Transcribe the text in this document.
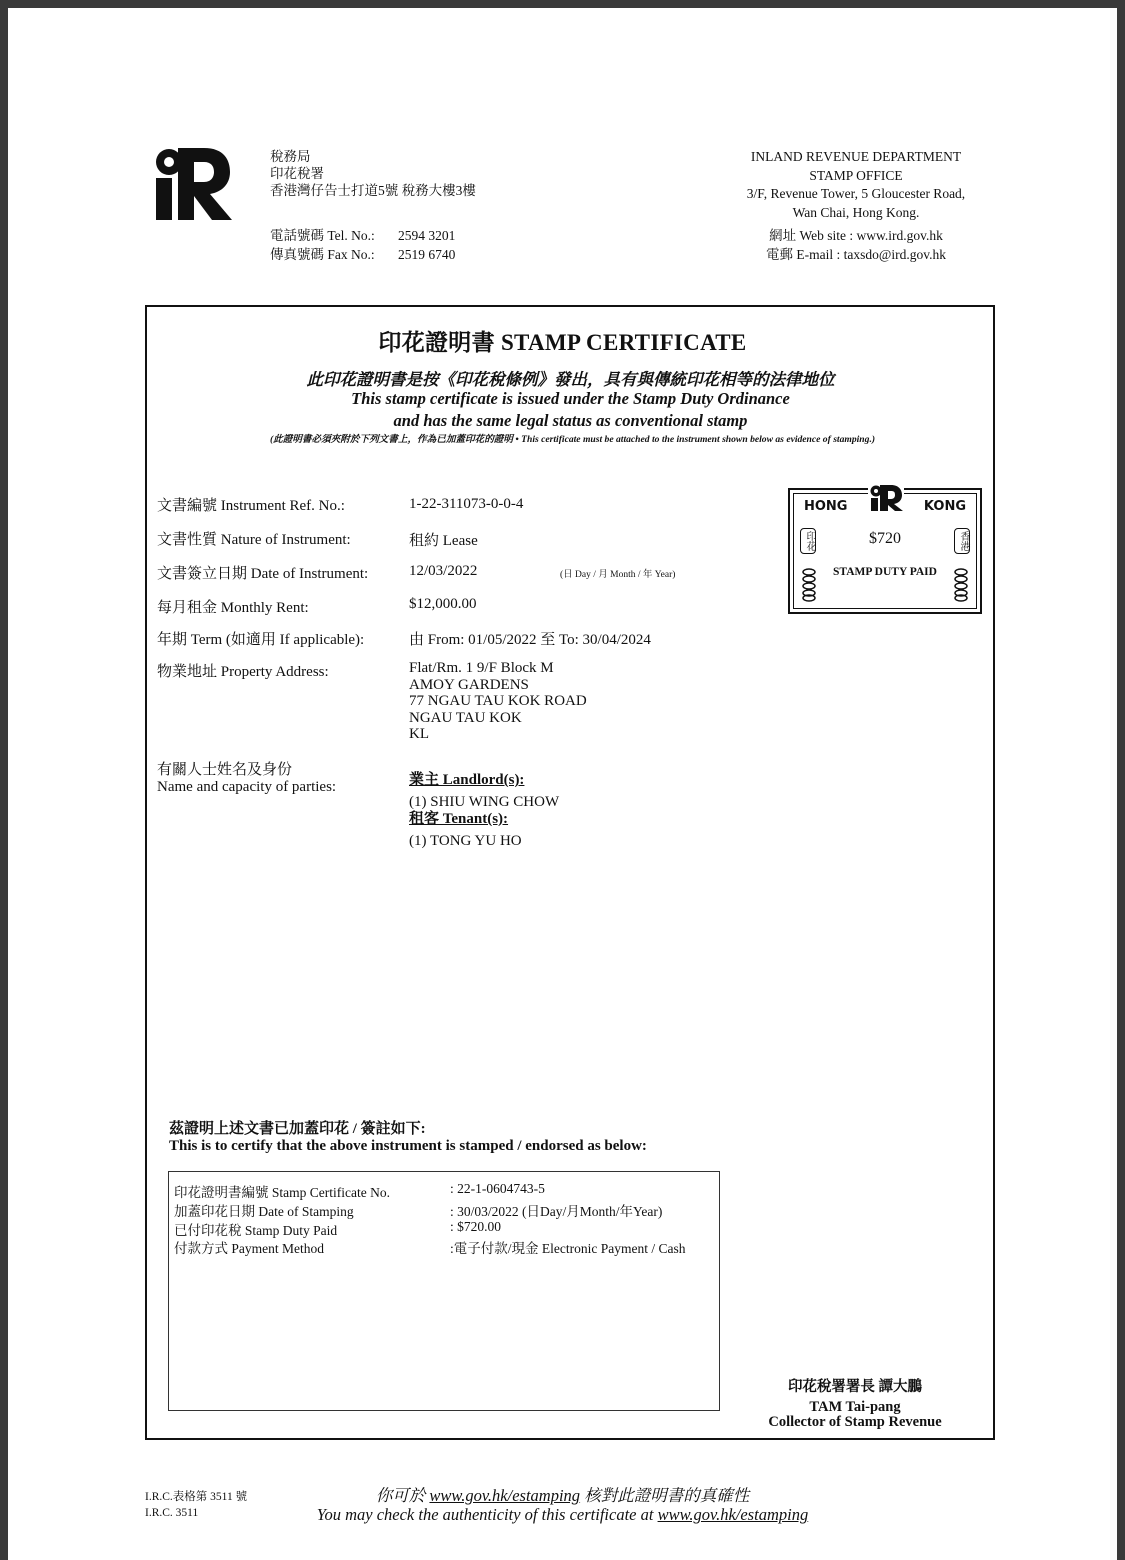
稅務局
印花稅署
香港灣仔告士打道5號 稅務大樓3樓
INLAND REVENUE DEPARTMENT
STAMP OFFICE
3/F, Revenue Tower, 5 Gloucester Road,
Wan Chai, Hong Kong.
電話號碼 Tel. No.: 2594 3201
傳真號碼 Fax No.: 2519 6740
網址 Web site : www.ird.gov.hk
電郵 E-mail : taxsdo@ird.gov.hk
印花證明書 STAMP CERTIFICATE
此印花證明書是按《印花稅條例》發出，具有與傳統印花相等的法律地位
This stamp certificate is issued under the Stamp Duty Ordinance
and has the same legal status as conventional stamp
(此證明書必須夾附於下列文書上，作為已加蓋印花的證明 • This certificate must be attached to the instrument shown below as evidence of stamping.)
文書編號 Instrument Ref. No.:	1-22-311073-0-0-4
文書性質 Nature of Instrument:	租約 Lease
文書簽立日期 Date of Instrument:	12/03/2022	(日 Day / 月 Month / 年 Year)
每月租金 Monthly Rent:	$12,000.00
年期 Term (如適用 If applicable):	由 From: 01/05/2022 至 To: 30/04/2024
物業地址 Property Address:	Flat/Rm. 1 9/F Block M
AMOY GARDENS
77 NGAU TAU KOK ROAD
NGAU TAU KOK
KL
有關人士姓名及身份
Name and capacity of parties:	業主 Landlord(s):
(1) SHIU WING CHOW
租客 Tenant(s):
(1) TONG YU HO
HONG	KONG
$720
STAMP DUTY PAID
印花	香港
茲證明上述文書已加蓋印花 / 簽註如下:
This is to certify that the above instrument is stamped / endorsed as below:
印花證明書編號 Stamp Certificate No.	: 22-1-0604743-5
加蓋印花日期 Date of Stamping	: 30/03/2022 (日Day/月Month/年Year)
已付印花稅 Stamp Duty Paid	: $720.00
付款方式 Payment Method	:電子付款/現金 Electronic Payment / Cash
印花稅署署長 譚大鵬
TAM Tai-pang
Collector of Stamp Revenue
I.R.C.表格第 3511 號
I.R.C. 3511
你可於 www.gov.hk/estamping 核對此證明書的真確性
You may check the authenticity of this certificate at www.gov.hk/estamping
